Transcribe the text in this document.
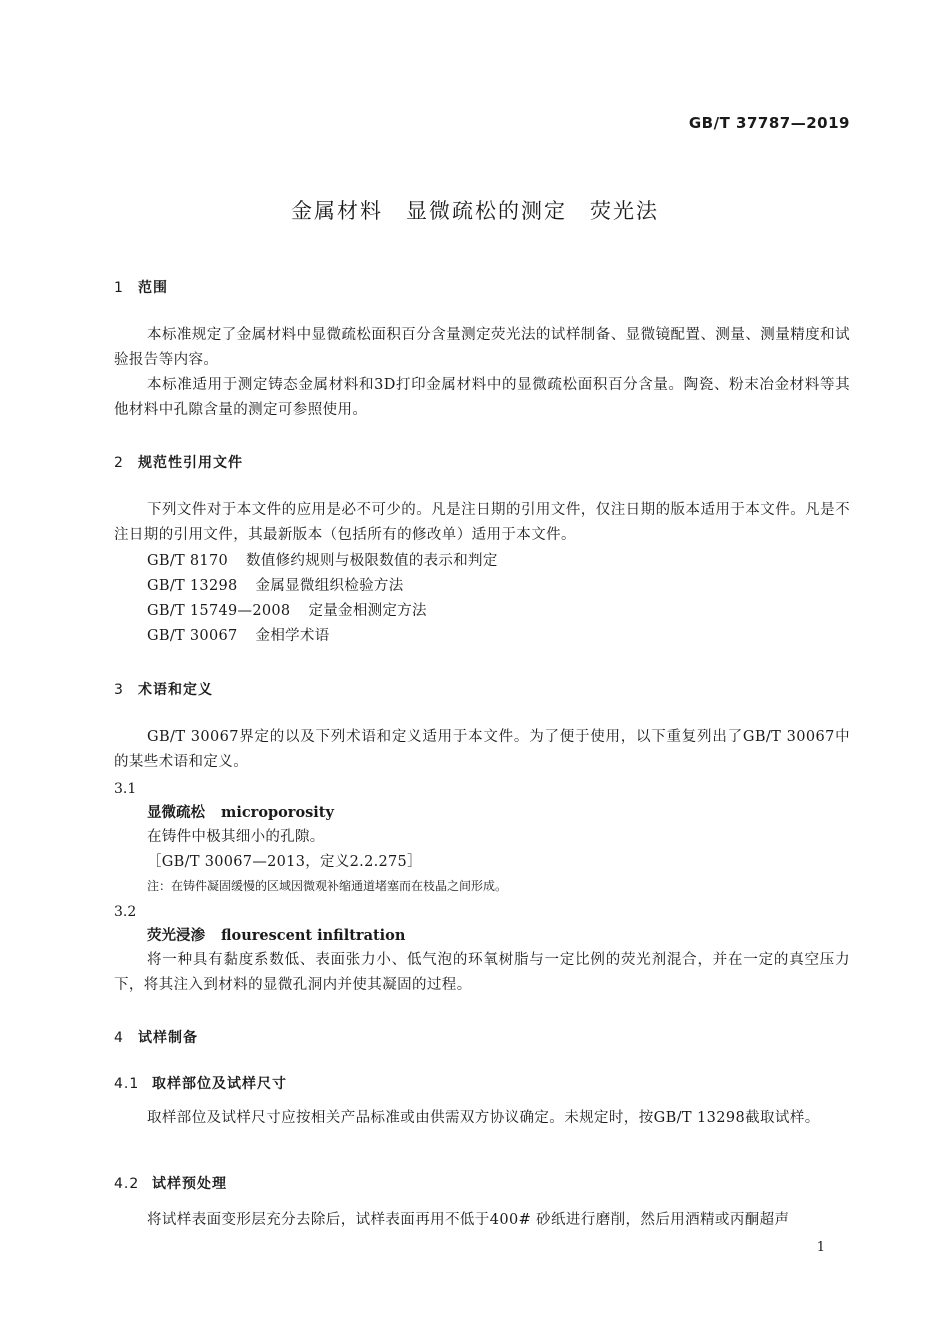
GB/T 37787—2019
金属材料　显微疏松的测定　荧光法
1 范围
本标准规定了金属材料中显微疏松面积百分含量测定荧光法的试样制备、显微镜配置、测量、测量精度和试验报告等内容。
本标准适用于测定铸态金属材料和3D打印金属材料中的显微疏松面积百分含量。陶瓷、粉末冶金材料等其他材料中孔隙含量的测定可参照使用。
2 规范性引用文件
下列文件对于本文件的应用是必不可少的。凡是注日期的引用文件，仅注日期的版本适用于本文件。凡是不注日期的引用文件，其最新版本（包括所有的修改单）适用于本文件。
GB/T 8170 数值修约规则与极限数值的表示和判定
GB/T 13298 金属显微组织检验方法
GB/T 15749—2008 定量金相测定方法
GB/T 30067 金相学术语
3 术语和定义
GB/T 30067界定的以及下列术语和定义适用于本文件。为了便于使用，以下重复列出了GB/T 30067中的某些术语和定义。
3.1
显微疏松 microporosity
在铸件中极其细小的孔隙。
［GB/T 30067—2013，定义2.2.275］
注：在铸件凝固缓慢的区域因微观补缩通道堵塞而在枝晶之间形成。
3.2
荧光浸渗 flourescent infiltration
将一种具有黏度系数低、表面张力小、低气泡的环氧树脂与一定比例的荧光剂混合，并在一定的真空压力下，将其注入到材料的显微孔洞内并使其凝固的过程。
4 试样制备
4.1 取样部位及试样尺寸
取样部位及试样尺寸应按相关产品标准或由供需双方协议确定。未规定时，按GB/T 13298截取试样。
4.2 试样预处理
将试样表面变形层充分去除后，试样表面再用不低于400# 砂纸进行磨削，然后用酒精或丙酮超声
1
